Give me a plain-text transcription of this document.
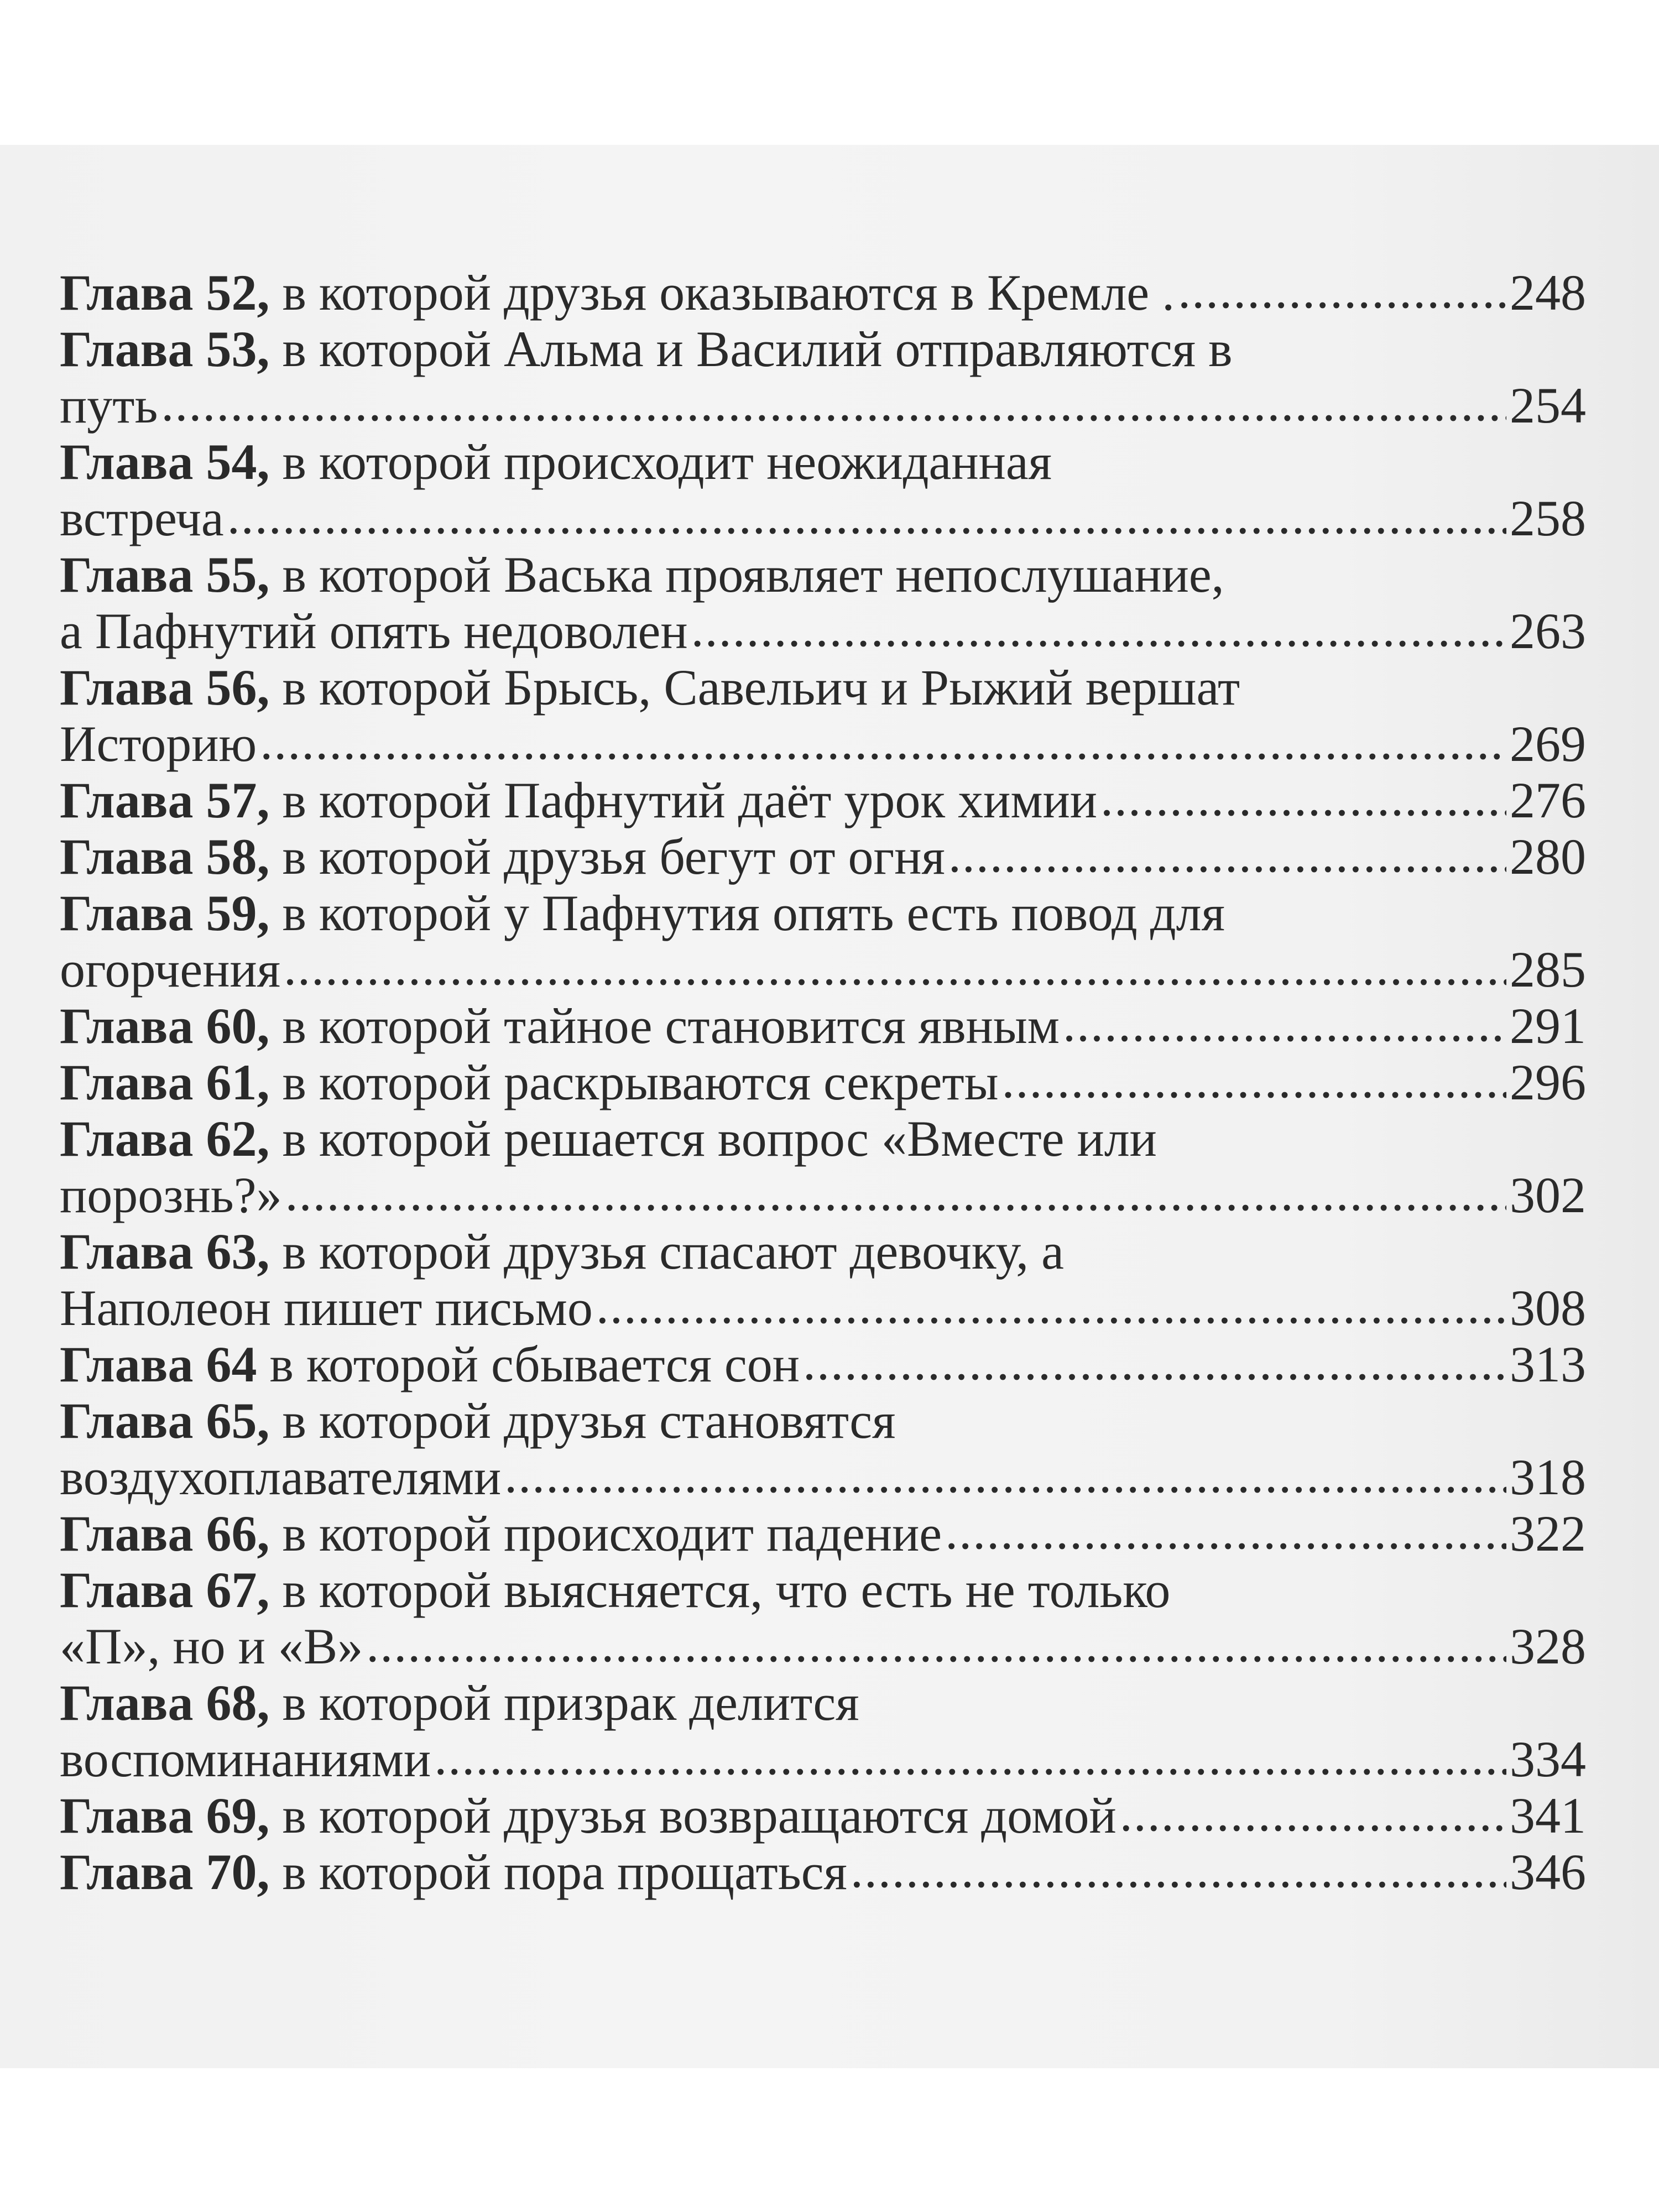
Глава 52,
в которой друзья оказываются в Кремле . .....	248
Глава 53,
в которой Альма и Василий отправляются в
путь .....	254
Глава 54,
в которой происходит неожиданная
встреча .....	258
Глава 55,
в которой Васька проявляет непослушание,
а Пафнутий опять недоволен .....	263
Глава 56,
в которой Брысь, Савельич и Рыжий вершат
Историю .....	269
Глава 57,
в которой Пафнутий даёт урок химии .....	276
Глава 58,
в которой друзья бегут от огня .....	280
Глава 59,
в которой у Пафнутия опять есть повод для
огорчения .....	285
Глава 60,
в которой тайное становится явным .....	291
Глава 61,
в которой раскрываются секреты .....	296
Глава 62,
в которой решается вопрос «Вместе или
порознь?» .....	302
Глава 63,
в которой друзья спасают девочку, а
Наполеон пишет письмо .....	308
Глава 64
в которой сбывается сон .....	313
Глава 65,
в которой друзья становятся
воздухоплавателями .....	318
Глава 66,
в которой происходит падение .....	322
Глава 67,
в которой выясняется, что есть не только
«П», но и «В» .....	328
Глава 68,
в которой призрак делится
воспоминаниями .....	334
Глава 69,
в которой друзья возвращаются домой .....	341
Глава 70,
в которой пора прощаться .....	346
